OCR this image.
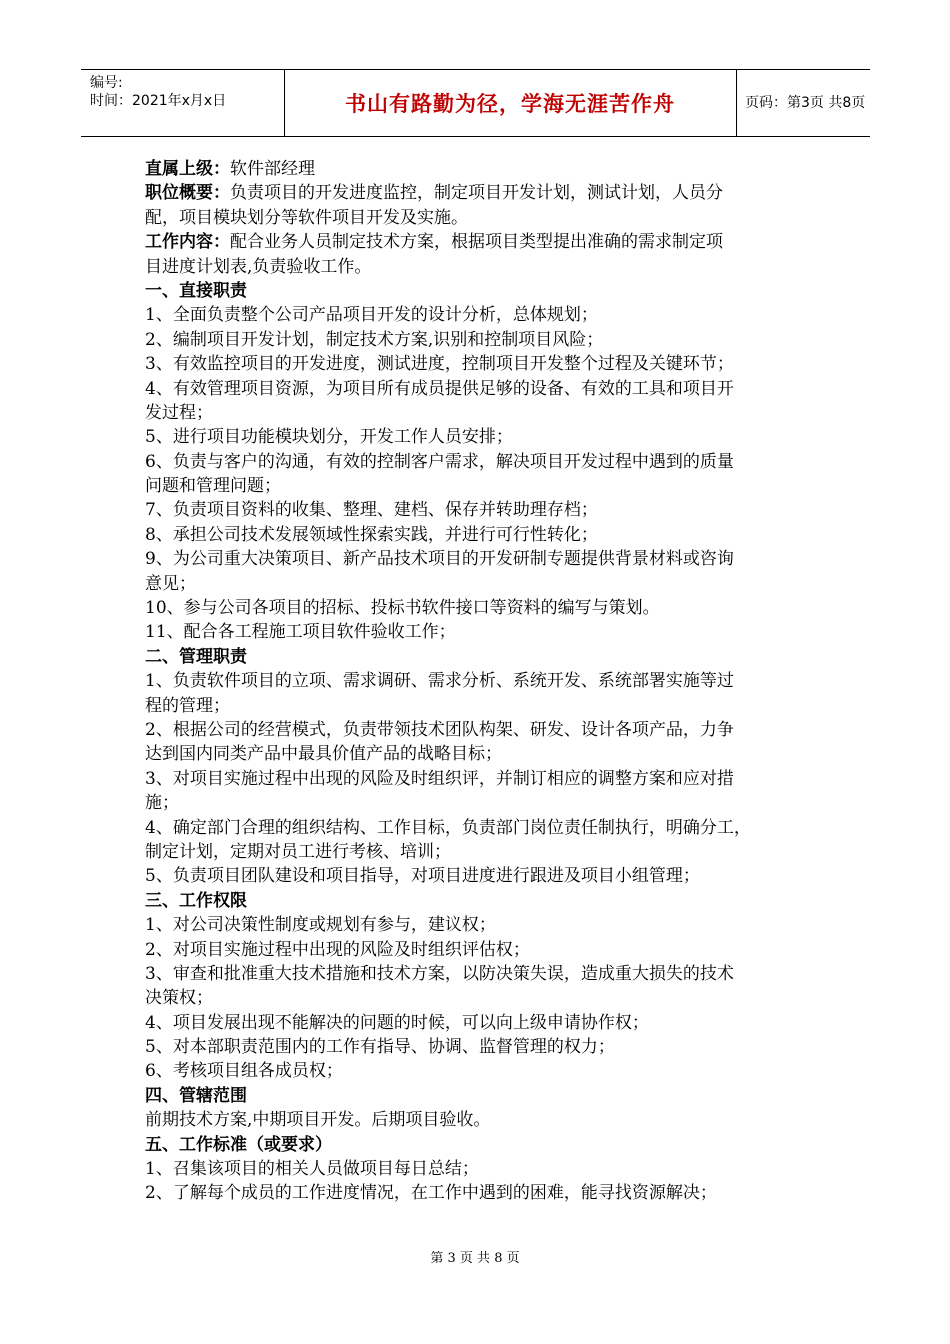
编号:
时间：2021年x月x日	书山有路勤为径，学海无涯苦作舟	页码：第3页 共8页
直属上级：软件部经理
职位概要：负责项目的开发进度监控，制定项目开发计划，测试计划，人员分
配，项目模块划分等软件项目开发及实施。
工作内容：配合业务人员制定技术方案，根据项目类型提出准确的需求制定项
目进度计划表,负责验收工作。
一、直接职责
1、全面负责整个公司产品项目开发的设计分析，总体规划；
2、编制项目开发计划，制定技术方案,识别和控制项目风险；
3、有效监控项目的开发进度，测试进度，控制项目开发整个过程及关键环节；
4、有效管理项目资源，为项目所有成员提供足够的设备、有效的工具和项目开
发过程；
5、进行项目功能模块划分，开发工作人员安排；
6、负责与客户的沟通，有效的控制客户需求，解决项目开发过程中遇到的质量
问题和管理问题；
7、负责项目资料的收集、整理、建档、保存并转助理存档；
8、承担公司技术发展领域性探索实践，并进行可行性转化；
9、为公司重大决策项目、新产品技术项目的开发研制专题提供背景材料或咨询
意见；
10、参与公司各项目的招标、投标书软件接口等资料的编写与策划。
11、配合各工程施工项目软件验收工作；
二、管理职责
1、负责软件项目的立项、需求调研、需求分析、系统开发、系统部署实施等过
程的管理；
2、根据公司的经营模式，负责带领技术团队构架、研发、设计各项产品，力争
达到国内同类产品中最具价值产品的战略目标；
3、对项目实施过程中出现的风险及时组织评，并制订相应的调整方案和应对措
施；
4、确定部门合理的组织结构、工作目标，负责部门岗位责任制执行，明确分工，
制定计划，定期对员工进行考核、培训；
5、负责项目团队建设和项目指导，对项目进度进行跟进及项目小组管理；
三、工作权限
1、对公司决策性制度或规划有参与，建议权；
2、对项目实施过程中出现的风险及时组织评估权；
3、审查和批准重大技术措施和技术方案，以防决策失误，造成重大损失的技术
决策权；
4、项目发展出现不能解决的问题的时候，可以向上级申请协作权；
5、对本部职责范围内的工作有指导、协调、监督管理的权力；
6、考核项目组各成员权；
四、管辖范围
前期技术方案,中期项目开发。后期项目验收。
五、工作标准（或要求）
1、召集该项目的相关人员做项目每日总结；
2、了解每个成员的工作进度情况，在工作中遇到的困难，能寻找资源解决；
第 3 页 共 8 页
